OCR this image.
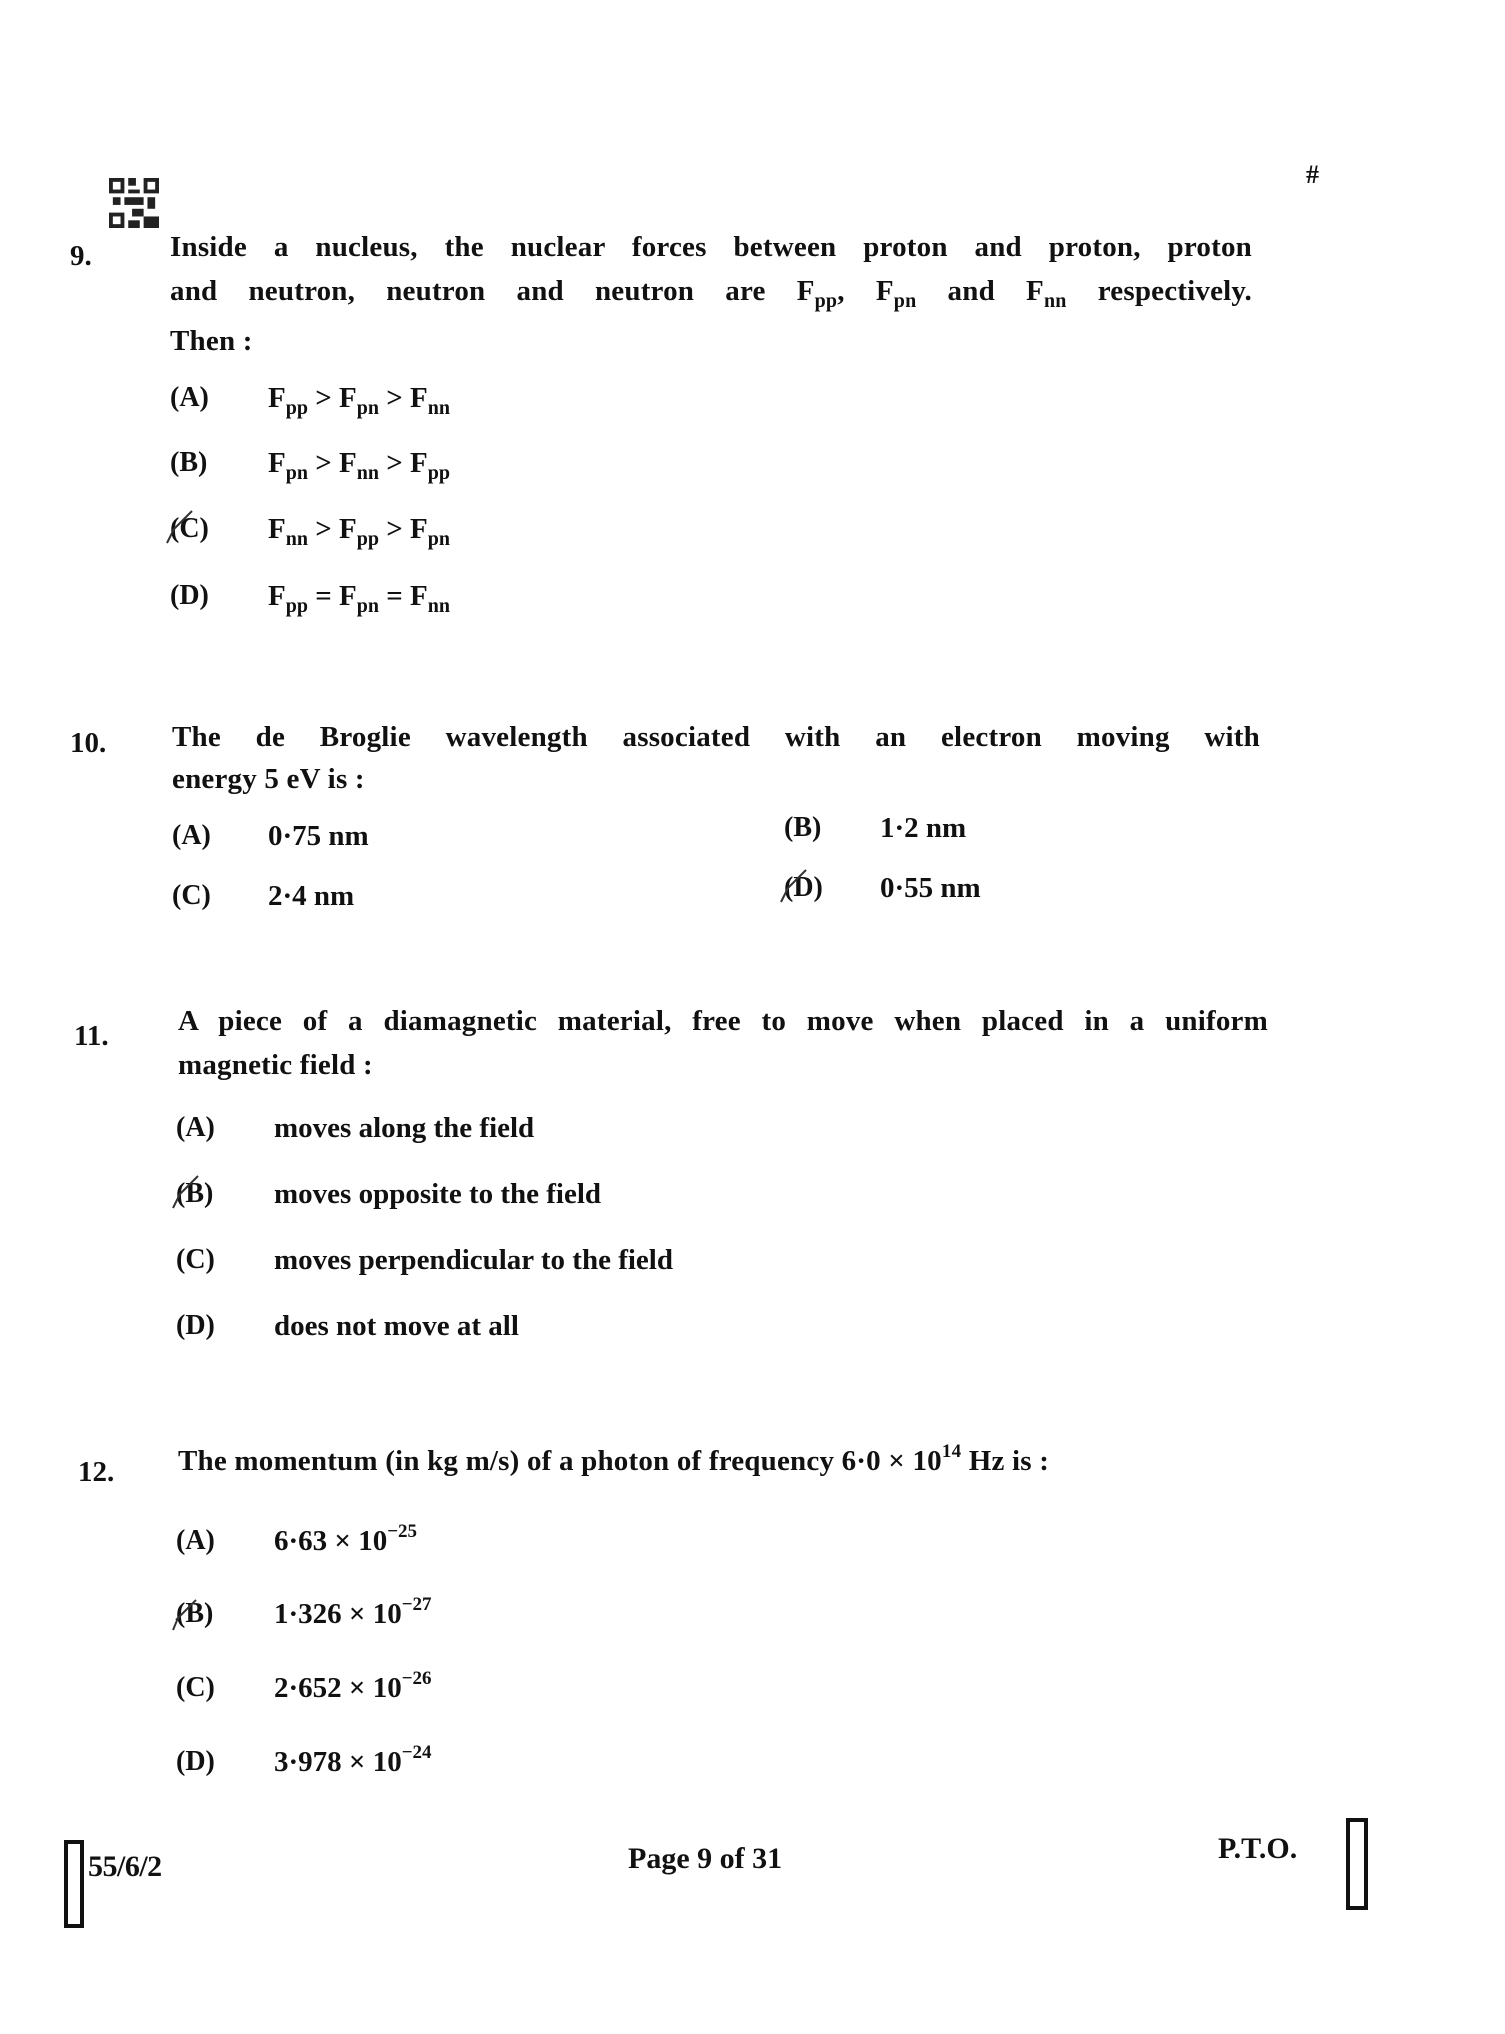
#
9.	Inside a nucleus, the nuclear forces between proton and proton, proton
and neutron, neutron and neutron are $F_{pp}$, $F_{pn}$ and $F_{nn}$ respectively.
Then :
(A) $F_{pp} > F_{pn} > F_{nn}$
(B) $F_{pn} > F_{nn} > F_{pp}$
(C) $F_{nn} > F_{pp} > F_{pn}$
(D) $F_{pp} = F_{pn} = F_{nn}$
10. The de Broglie wavelength associated with an electron moving with
energy 5 eV is :
(A) 0·75 nm	(B) 1·2 nm
(C) 2·4 nm	(D) 0·55 nm
11. A piece of a diamagnetic material, free to move when placed in a uniform
magnetic field :
(A) moves along the field
(B) moves opposite to the field
(C) moves perpendicular to the field
(D) does not move at all
12. The momentum (in kg m/s) of a photon of frequency $6\cdot 0 \times 10^{14}$ Hz is :
(A) $6\cdot 63 \times 10^{-25}$
(B) $1\cdot 326 \times 10^{-27}$
(C) $2\cdot 652 \times 10^{-26}$
(D) $3\cdot 978 \times 10^{-24}$
55/6/2	Page 9 of 31	P.T.O.
